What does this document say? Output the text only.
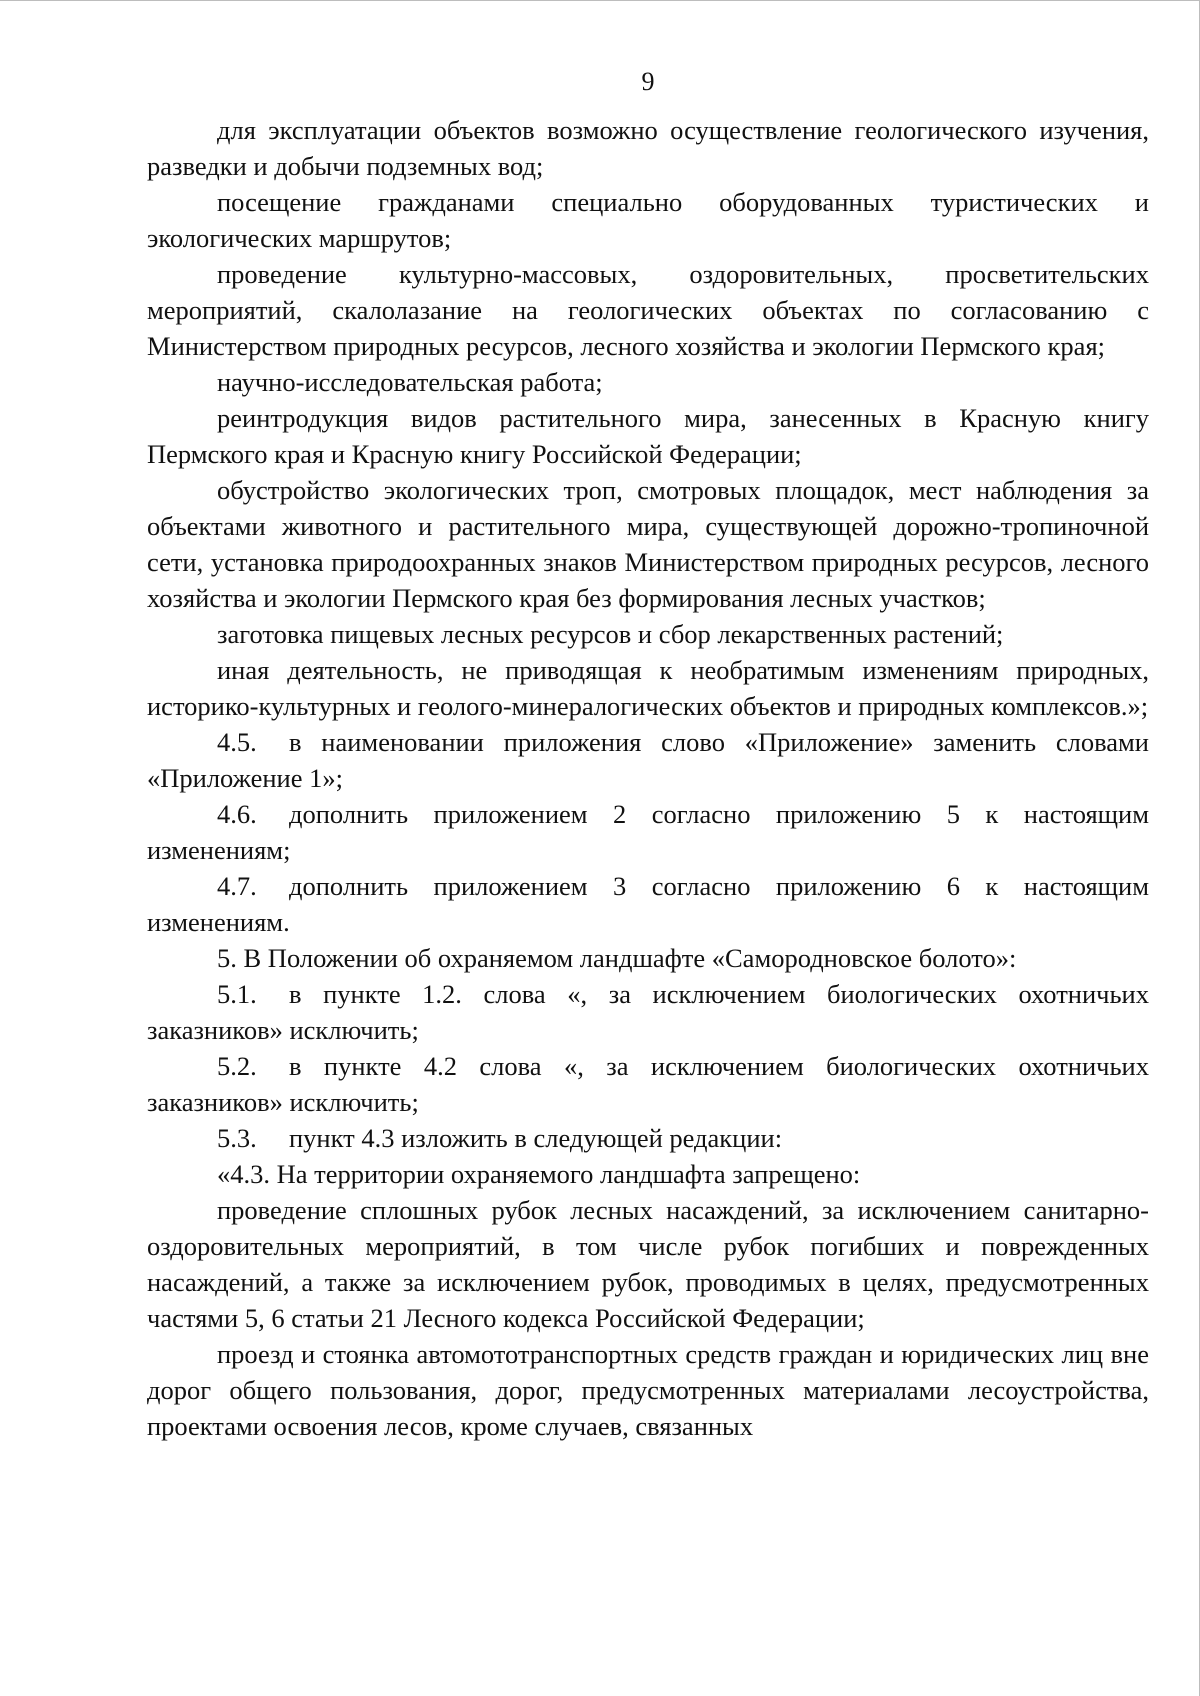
9

для эксплуатации объектов возможно осуществление геологического изучения, разведки и добычи подземных вод;

посещение гражданами специально оборудованных туристических и экологических маршрутов;

проведение культурно-массовых, оздоровительных, просветительских мероприятий, скалолазание на геологических объектах по согласованию с Министерством природных ресурсов, лесного хозяйства и экологии Пермского края;

научно-исследовательская работа;

реинтродукция видов растительного мира, занесенных в Красную книгу Пермского края и Красную книгу Российской Федерации;

обустройство экологических троп, смотровых площадок, мест наблюдения за объектами животного и растительного мира, существующей дорожно-тропиночной сети, установка природоохранных знаков Министерством природных ресурсов, лесного хозяйства и экологии Пермского края без формирования лесных участков;

заготовка пищевых лесных ресурсов и сбор лекарственных растений;

иная деятельность, не приводящая к необратимым изменениям природных, историко-культурных и геолого-минералогических объектов и природных комплексов.»;

4.5. в наименовании приложения слово «Приложение» заменить словами «Приложение 1»;

4.6. дополнить приложением 2 согласно приложению 5 к настоящим изменениям;

4.7. дополнить приложением 3 согласно приложению 6 к настоящим изменениям.

5. В Положении об охраняемом ландшафте «Самородновское болото»:

5.1. в пункте 1.2. слова «, за исключением биологических охотничьих заказников» исключить;

5.2. в пункте 4.2 слова «, за исключением биологических охотничьих заказников» исключить;

5.3. пункт 4.3 изложить в следующей редакции:

«4.3. На территории охраняемого ландшафта запрещено:

проведение сплошных рубок лесных насаждений, за исключением санитарно-оздоровительных мероприятий, в том числе рубок погибших и поврежденных насаждений, а также за исключением рубок, проводимых в целях, предусмотренных частями 5, 6 статьи 21 Лесного кодекса Российской Федерации;

проезд и стоянка автомототранспортных средств граждан и юридических лиц вне дорог общего пользования, дорог, предусмотренных материалами лесоустройства, проектами освоения лесов, кроме случаев, связанных
